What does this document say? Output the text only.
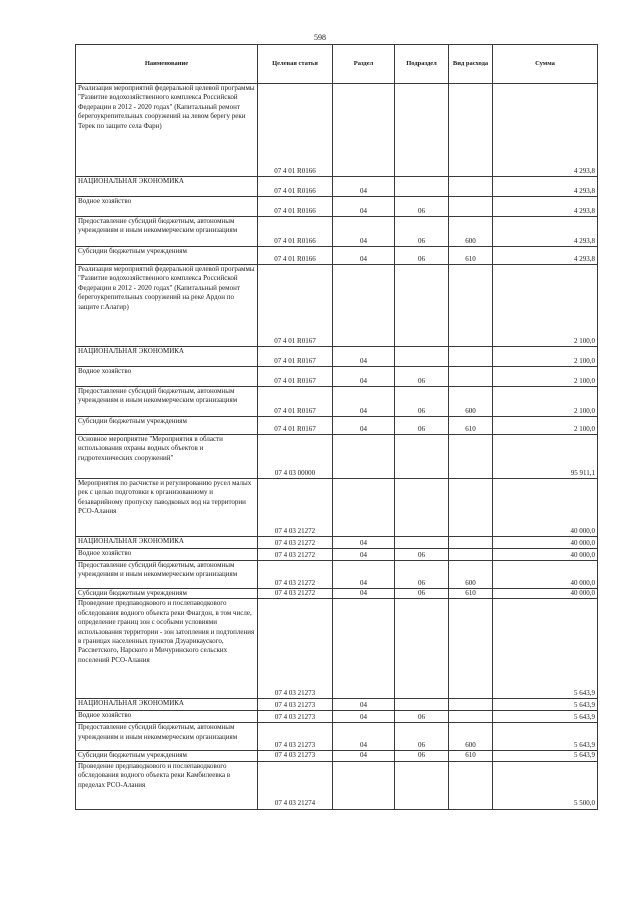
598
Наименование	Целевая статья	Раздел	Подраздел	Вид расхода	Сумма
Реализация мероприятий федеральной целевой программы "Развитие водохозяйственного комплекса Российской Федерации в 2012 - 2020 годах" (Капитальный ремонт берегоукрепительных сооружений на левом берегу реки Терек по защите села Фарн)	07 4 01 R0166				4 293,8
НАЦИОНАЛЬНАЯ ЭКОНОМИКА	07 4 01 R0166	04			4 293,8
Водное хозяйство	07 4 01 R0166	04	06		4 293,8
Предоставление субсидий бюджетным, автономным учреждениям и иным некоммерческим организациям	07 4 01 R0166	04	06	600	4 293,8
Субсидии бюджетным учреждениям	07 4 01 R0166	04	06	610	4 293,8
Реализация мероприятий федеральной целевой программы "Развитие водохозяйственного комплекса Российской Федерации в 2012 - 2020 годах" (Капитальный ремонт берегоукрепительных сооружений на реке Ардон по защите г.Алагир)	07 4 01 R0167				2 100,0
НАЦИОНАЛЬНАЯ ЭКОНОМИКА	07 4 01 R0167	04			2 100,0
Водное хозяйство	07 4 01 R0167	04	06		2 100,0
Предоставление субсидий бюджетным, автономным учреждениям и иным некоммерческим организациям	07 4 01 R0167	04	06	600	2 100,0
Субсидии бюджетным учреждениям	07 4 01 R0167	04	06	610	2 100,0
Основное мероприятие "Мероприятия в области использования охраны водных объектов и гидротехнических сооружений"	07 4 03 00000				95 911,1
Мероприятия по расчистке и регулированию русел малых рек с целью подготовки к организованному и безаварийному пропуску паводковых вод на территории РСО-Алания	07 4 03 21272				40 000,0
НАЦИОНАЛЬНАЯ ЭКОНОМИКА	07 4 03 21272	04			40 000,0
Водное хозяйство	07 4 03 21272	04	06		40 000,0
Предоставление субсидий бюджетным, автономным учреждениям и иным некоммерческим организациям	07 4 03 21272	04	06	600	40 000,0
Субсидии бюджетным учреждениям	07 4 03 21272	04	06	610	40 000,0
Проведение предпаводкового и послепаводкового обследования водного объекта реки Фиагдон, в том числе, определение границ зон с особыми условиями использования территории - зон затопления и подтопления в границах населенных пунктов Дзуарикауского, Рассветского, Нарского и Мичуринского сельских поселений РСО-Алания	07 4 03 21273				5 643,9
НАЦИОНАЛЬНАЯ ЭКОНОМИКА	07 4 03 21273	04			5 643,9
Водное хозяйство	07 4 03 21273	04	06		5 643,9
Предоставление субсидий бюджетным, автономным учреждениям и иным некоммерческим организациям	07 4 03 21273	04	06	600	5 643,9
Субсидии бюджетным учреждениям	07 4 03 21273	04	06	610	5 643,9
Проведение предпаводкового и послепаводкового обследования водного объекта реки Камбилеевка в пределах РСО-Алания	07 4 03 21274				5 500,0
